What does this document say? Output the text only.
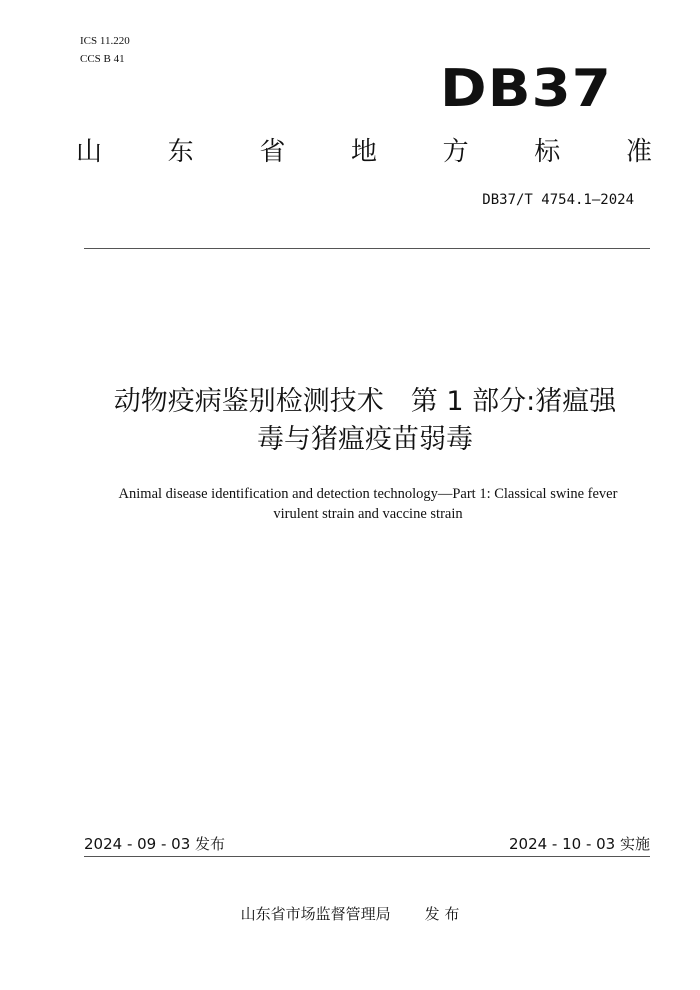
ICS 11.220
CCS B 41	DB37
山	东	省	地	方	标	准
DB37/T 4754.1—2024
动物疫病鉴别检测技术　第 1 部分:猪瘟强
毒与猪瘟疫苗弱毒
Animal disease identification and detection technology—Part 1: Classical swine fever
virulent strain and vaccine strain
2024 - 09 - 03 发布	2024 - 10 - 03 实施
山东省市场监督管理局 发 布
